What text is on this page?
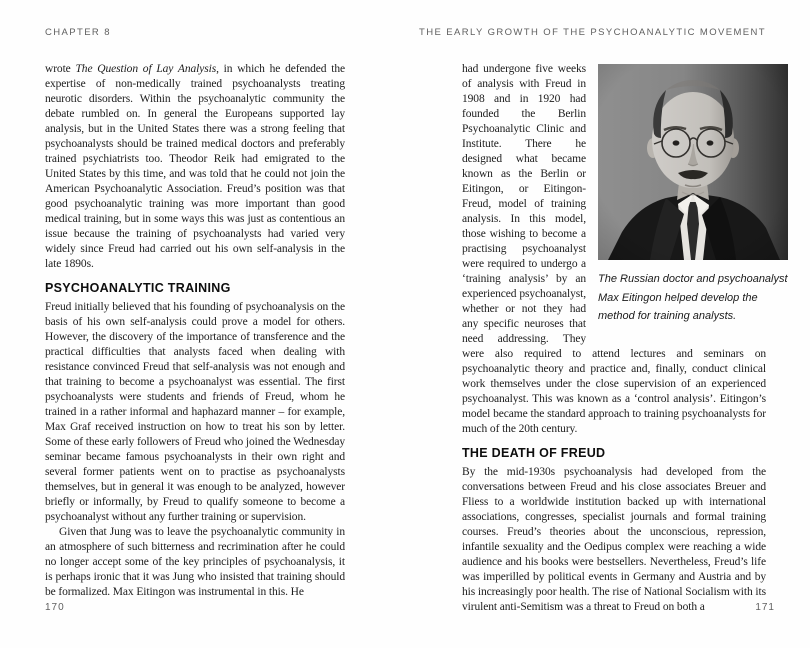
CHAPTER 8	THE EARLY GROWTH OF THE PSYCHOANALYTIC MOVEMENT

wrote The Question of Lay Analysis, in which he defended the expertise of non-medically trained psychoanalysts treating neurotic disorders. Within the psychoanalytic community the debate rumbled on. In general the Europeans supported lay analysis, but in the United States there was a strong feeling that psychoanalysts should be trained medical doctors and preferably trained psychiatrists too. Theodor Reik had emigrated to the United States by this time, and was told that he could not join the American Psychoanalytic Association. Freud’s position was that good psychoanalytic training was more important than good medical training, but in some ways this was just as contentious an issue because the training of psychoanalysts had varied very widely since Freud had carried out his own self-analysis in the late 1890s.

PSYCHOANALYTIC TRAINING

Freud initially believed that his founding of psychoanalysis on the basis of his own self-analysis could prove a model for others. However, the discovery of the importance of transference and the practical difficulties that analysts faced when dealing with resistance convinced Freud that self-analysis was not enough and that training to become a psychoanalyst was essential. The first psychoanalysts were students and friends of Freud, whom he trained in a rather informal and haphazard manner – for example, Max Graf received instruction on how to treat his son by letter. Some of these early followers of Freud who joined the Wednesday seminar became famous psychoanalysts in their own right and several former patients went on to practise as psychoanalysts themselves, but in general it was enough to be analyzed, however briefly or informally, by Freud to qualify someone to become a psychoanalyst without any further training or supervision.

Given that Jung was to leave the psychoanalytic community in an atmosphere of such bitterness and recrimination after he could no longer accept some of the key principles of psychoanalysis, it is perhaps ironic that it was Jung who insisted that training should be formalized. Max Eitingon was instrumental in this. He

The Russian doctor and psychoanalyst Max Eitingon helped develop the method for training analysts.

had undergone five weeks of analysis with Freud in 1908 and in 1920 had founded the Berlin Psychoanalytic Clinic and Institute. There he designed what became known as the Berlin or Eitingon, or Eitingon-Freud, model of training analysis. In this model, those wishing to become a practising psychoanalyst were required to undergo a ‘training analysis’ by an experienced psychoanalyst, whether or not they had any specific neuroses that need addressing. They were also required to attend lectures and seminars on psychoanalytic theory and practice and, finally, conduct clinical work themselves under the close supervision of an experienced psychoanalyst. This was known as a ‘control analysis’. Eitingon’s model became the standard approach to training psychoanalysts for much of the 20th century.

THE DEATH OF FREUD

By the mid-1930s psychoanalysis had developed from the conversations between Freud and his close associates Breuer and Fliess to a worldwide institution backed up with international associations, congresses, specialist journals and formal training courses. Freud’s theories about the unconscious, repression, infantile sexuality and the Oedipus complex were reaching a wide audience and his books were bestsellers. Nevertheless, Freud’s life was imperilled by political events in Germany and Austria and by his increasingly poor health. The rise of National Socialism with its virulent anti-Semitism was a threat to Freud on both a

170	171
